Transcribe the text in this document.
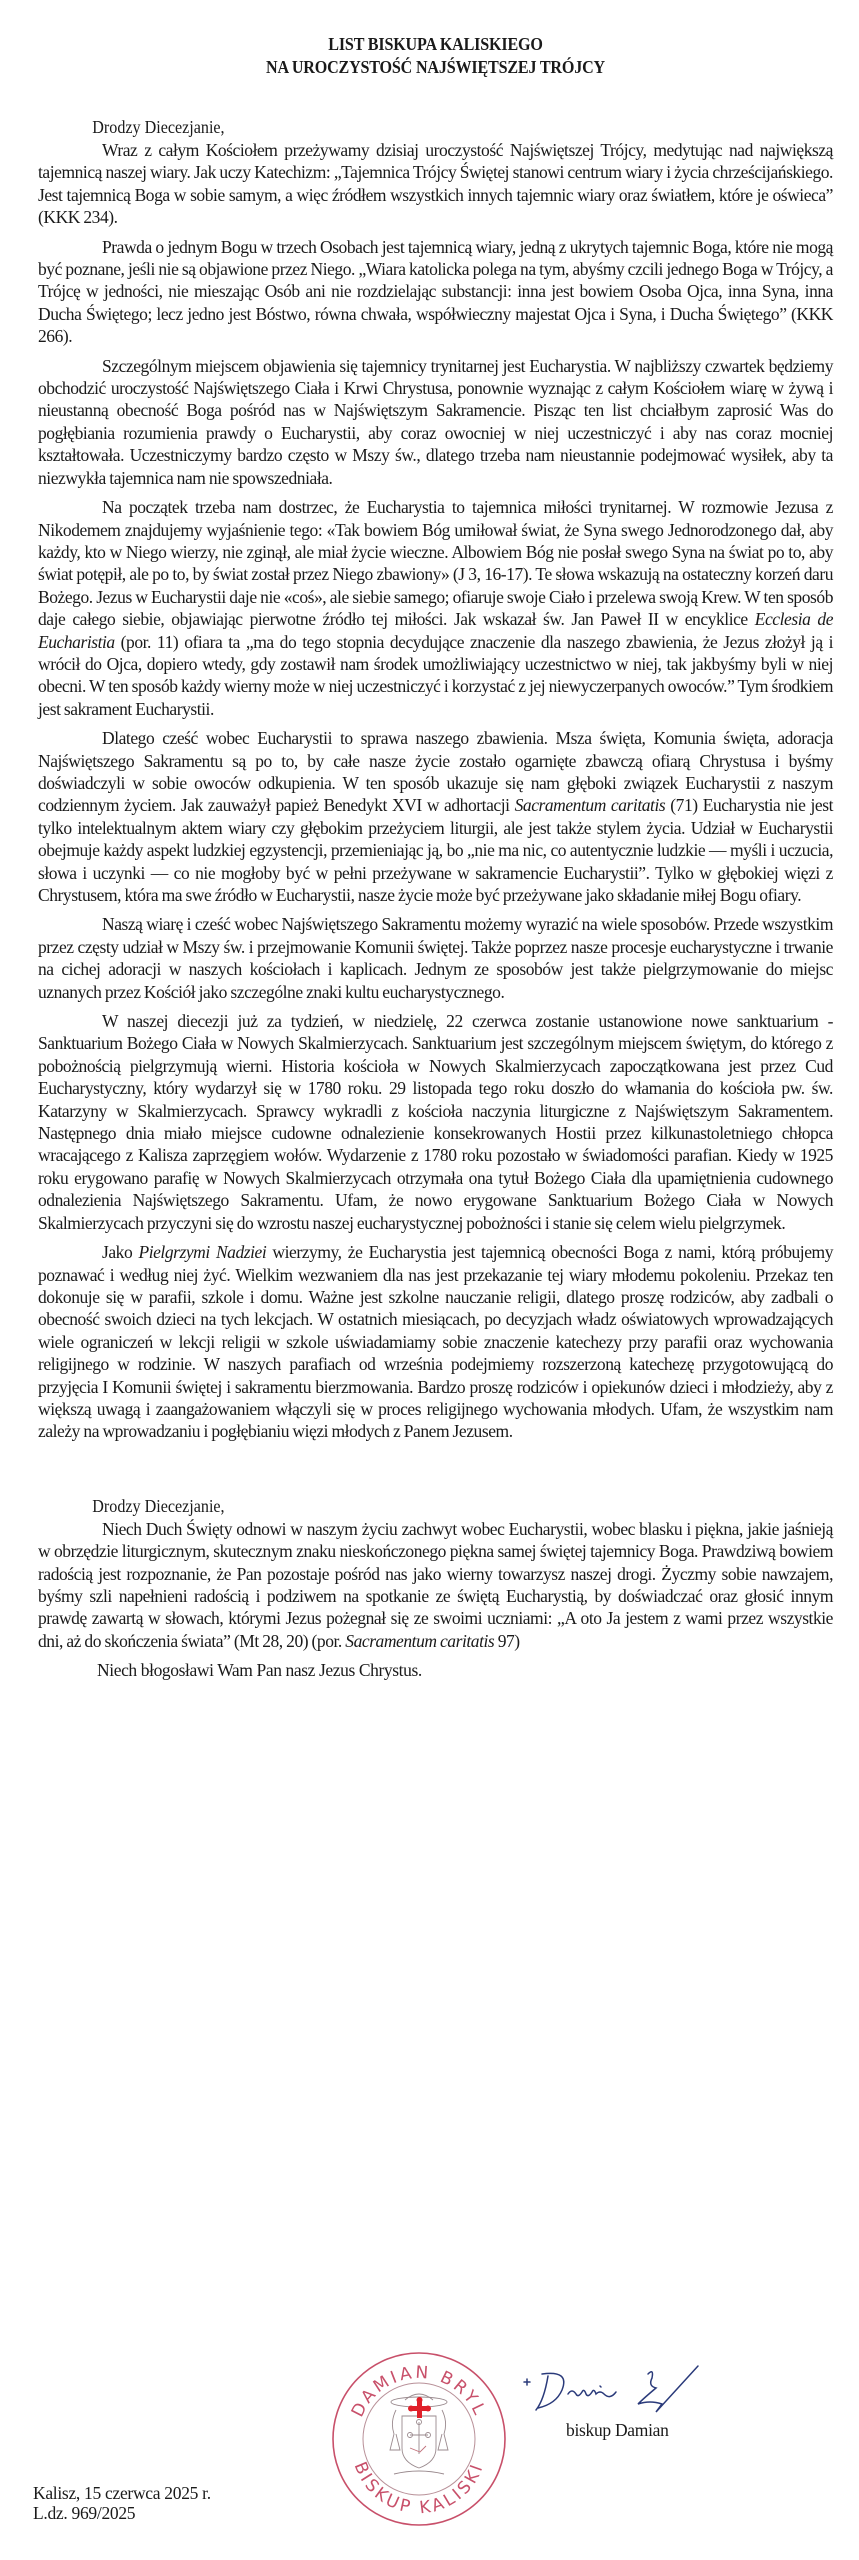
LIST BISKUPA KALISKIEGO
NA UROCZYSTOŚĆ NAJŚWIĘTSZEJ TRÓJCY
Drodzy Diecezjanie,

Wraz z całym Kościołem przeżywamy dzisiaj uroczystość Najświętszej Trójcy, medytując nad największą tajemnicą naszej wiary. Jak uczy Katechizm: „Tajemnica Trójcy Świętej stanowi centrum wiary i życia chrześcijańskiego. Jest tajemnicą Boga w sobie samym, a więc źródłem wszystkich innych tajemnic wiary oraz światłem, które je oświeca” (KKK 234).

Prawda o jednym Bogu w trzech Osobach jest tajemnicą wiary, jedną z ukrytych tajemnic Boga, które nie mogą być poznane, jeśli nie są objawione przez Niego. „Wiara katolicka polega na tym, abyśmy czcili jednego Boga w Trójcy, a Trójcę w jedności, nie mieszając Osób ani nie rozdzielając substancji: inna jest bowiem Osoba Ojca, inna Syna, inna Ducha Świętego; lecz jedno jest Bóstwo, równa chwała, współwieczny majestat Ojca i Syna, i Ducha Świętego” (KKK 266).

Szczególnym miejscem objawienia się tajemnicy trynitarnej jest Eucharystia. W najbliższy czwartek będziemy obchodzić uroczystość Najświętszego Ciała i Krwi Chrystusa, ponownie wyznając z całym Kościołem wiarę w żywą i nieustanną obecność Boga pośród nas w Najświętszym Sakramencie. Pisząc ten list chciałbym zaprosić Was do pogłębiania rozumienia prawdy o Eucharystii, aby coraz owocniej w niej uczestniczyć i aby nas coraz mocniej kształtowała. Uczestniczymy bardzo często w Mszy św., dlatego trzeba nam nieustannie podejmować wysiłek, aby ta niezwykła tajemnica nam nie spowszedniała.

Na początek trzeba nam dostrzec, że Eucharystia to tajemnica miłości trynitarnej. W rozmowie Jezusa z Nikodemem znajdujemy wyjaśnienie tego: «Tak bowiem Bóg umiłował świat, że Syna swego Jednorodzonego dał, aby każdy, kto w Niego wierzy, nie zginął, ale miał życie wieczne. Albowiem Bóg nie posłał swego Syna na świat po to, aby świat potępił, ale po to, by świat został przez Niego zbawiony» (J 3, 16-17). Te słowa wskazują na ostateczny korzeń daru Bożego. Jezus w Eucharystii daje nie «coś», ale siebie samego; ofiaruje swoje Ciało i przelewa swoją Krew. W ten sposób daje całego siebie, objawiając pierwotne źródło tej miłości. Jak wskazał św. Jan Paweł II w encyklice Ecclesia de Eucharistia (por. 11) ofiara ta „ma do tego stopnia decydujące znaczenie dla naszego zbawienia, że Jezus złożył ją i wrócił do Ojca, dopiero wtedy, gdy zostawił nam środek umożliwiający uczestnictwo w niej, tak jakbyśmy byli w niej obecni. W ten sposób każdy wierny może w niej uczestniczyć i korzystać z jej niewyczerpanych owoców.” Tym środkiem jest sakrament Eucharystii.

Dlatego cześć wobec Eucharystii to sprawa naszego zbawienia. Msza święta, Komunia święta, adoracja Najświętszego Sakramentu są po to, by całe nasze życie zostało ogarnięte zbawczą ofiarą Chrystusa i byśmy doświadczyli w sobie owoców odkupienia. W ten sposób ukazuje się nam głęboki związek Eucharystii z naszym codziennym życiem. Jak zauważył papież Benedykt XVI w adhortacji Sacramentum caritatis (71) Eucharystia nie jest tylko intelektualnym aktem wiary czy głębokim przeżyciem liturgii, ale jest także stylem życia. Udział w Eucharystii obejmuje każdy aspekt ludzkiej egzystencji, przemieniając ją, bo „nie ma nic, co autentycznie ludzkie — myśli i uczucia, słowa i uczynki — co nie mogłoby być w pełni przeżywane w sakramencie Eucharystii”. Tylko w głębokiej więzi z Chrystusem, która ma swe źródło w Eucharystii, nasze życie może być przeżywane jako składanie miłej Bogu ofiary.

Naszą wiarę i cześć wobec Najświętszego Sakramentu możemy wyrazić na wiele sposobów. Przede wszystkim przez częsty udział w Mszy św. i przejmowanie Komunii świętej. Także poprzez nasze procesje eucharystyczne i trwanie na cichej adoracji w naszych kościołach i kaplicach. Jednym ze sposobów jest także pielgrzymowanie do miejsc uznanych przez Kościół jako szczególne znaki kultu eucharystycznego.

W naszej diecezji już za tydzień, w niedzielę, 22 czerwca zostanie ustanowione nowe sanktuarium - Sanktuarium Bożego Ciała w Nowych Skalmierzycach. Sanktuarium jest szczególnym miejscem świętym, do którego z pobożnością pielgrzymują wierni. Historia kościoła w Nowych Skalmierzycach zapoczątkowana jest przez Cud Eucharystyczny, który wydarzył się w 1780 roku. 29 listopada tego roku doszło do włamania do kościoła pw. św. Katarzyny w Skalmierzycach. Sprawcy wykradli z kościoła naczynia liturgiczne z Najświętszym Sakramentem. Następnego dnia miało miejsce cudowne odnalezienie konsekrowanych Hostii przez kilkunastoletniego chłopca wracającego z Kalisza zaprzęgiem wołów. Wydarzenie z 1780 roku pozostało w świadomości parafian. Kiedy w 1925 roku erygowano parafię w Nowych Skalmierzycach otrzymała ona tytuł Bożego Ciała dla upamiętnienia cudownego odnalezienia Najświętszego Sakramentu. Ufam, że nowo erygowane Sanktuarium Bożego Ciała w Nowych Skalmierzycach przyczyni się do wzrostu naszej eucharystycznej pobożności i stanie się celem wielu pielgrzymek.

Jako Pielgrzymi Nadziei wierzymy, że Eucharystia jest tajemnicą obecności Boga z nami, którą próbujemy poznawać i według niej żyć. Wielkim wezwaniem dla nas jest przekazanie tej wiary młodemu pokoleniu. Przekaz ten dokonuje się w parafii, szkole i domu. Ważne jest szkolne nauczanie religii, dlatego proszę rodziców, aby zadbali o obecność swoich dzieci na tych lekcjach. W ostatnich miesiącach, po decyzjach władz oświatowych wprowadzających wiele ograniczeń w lekcji religii w szkole uświadamiamy sobie znaczenie katechezy przy parafii oraz wychowania religijnego w rodzinie. W naszych parafiach od września podejmiemy rozszerzoną katechezę przygotowującą do przyjęcia I Komunii świętej i sakramentu bierzmowania. Bardzo proszę rodziców i opiekunów dzieci i młodzieży, aby z większą uwagą i zaangażowaniem włączyli się w proces religijnego wychowania młodych. Ufam, że wszystkim nam zależy na wprowadzaniu i pogłębianiu więzi młodych z Panem Jezusem.

Drodzy Diecezjanie,

Niech Duch Święty odnowi w naszym życiu zachwyt wobec Eucharystii, wobec blasku i piękna, jakie jaśnieją w obrzędzie liturgicznym, skutecznym znaku nieskończonego piękna samej świętej tajemnicy Boga. Prawdziwą bowiem radością jest rozpoznanie, że Pan pozostaje pośród nas jako wierny towarzysz naszej drogi. Życzmy sobie nawzajem, byśmy szli napełnieni radością i podziwem na spotkanie ze świętą Eucharystią, by doświadczać oraz głosić innym prawdę zawartą w słowach, którymi Jezus pożegnał się ze swoimi uczniami: „A oto Ja jestem z wami przez wszystkie dni, aż do skończenia świata” (Mt 28, 20) (por. Sacramentum caritatis 97)

Niech błogosławi Wam Pan nasz Jezus Chrystus.
DAMIAN BRYL
BISKUP KALISKI
biskup Damian
Kalisz, 15 czerwca 2025 r.
L.dz. 969/2025
